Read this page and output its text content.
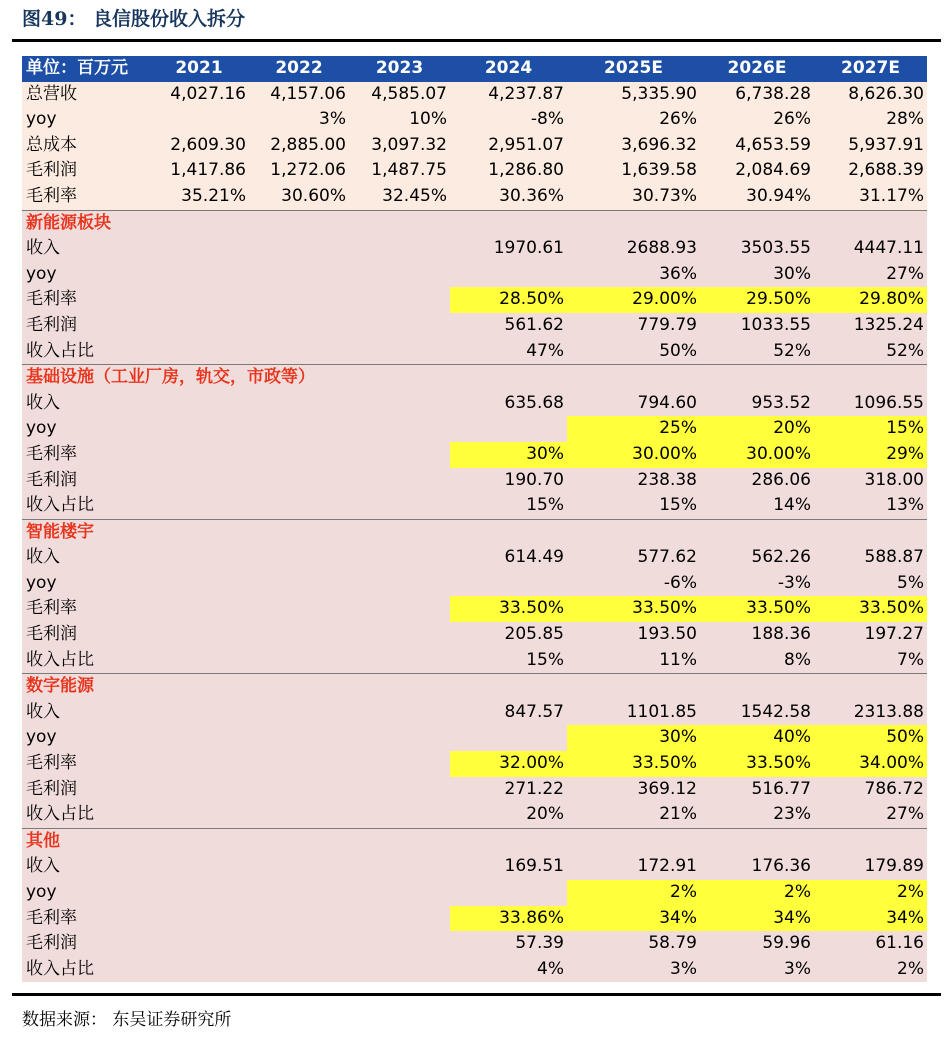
图49： 良信股份收入拆分
单位：百万元	2021	2022	2023	2024	2025E	2026E	2027E
总营收	4,027.16	4,157.06	4,585.07	4,237.87	5,335.90	6,738.28	8,626.30
yoy		3%	10%	-8%	26%	26%	28%
总成本	2,609.30	2,885.00	3,097.32	2,951.07	3,696.32	4,653.59	5,937.91
毛利润	1,417.86	1,272.06	1,487.75	1,286.80	1,639.58	2,084.69	2,688.39
毛利率	35.21%	30.60%	32.45%	30.36%	30.73%	30.94%	31.17%
新能源板块							
收入				1970.61	2688.93	3503.55	4447.11
yoy					36%	30%	27%
毛利率				28.50%	29.00%	29.50%	29.80%
毛利润				561.62	779.79	1033.55	1325.24
收入占比				47%	50%	52%	52%
基础设施（工业厂房，轨交，市政等）							
收入				635.68	794.60	953.52	1096.55
yoy					25%	20%	15%
毛利率				30%	30.00%	30.00%	29%
毛利润				190.70	238.38	286.06	318.00
收入占比				15%	15%	14%	13%
智能楼宇							
收入				614.49	577.62	562.26	588.87
yoy					-6%	-3%	5%
毛利率				33.50%	33.50%	33.50%	33.50%
毛利润				205.85	193.50	188.36	197.27
收入占比				15%	11%	8%	7%
数字能源							
收入				847.57	1101.85	1542.58	2313.88
yoy					30%	40%	50%
毛利率				32.00%	33.50%	33.50%	34.00%
毛利润				271.22	369.12	516.77	786.72
收入占比				20%	21%	23%	27%
其他							
收入				169.51	172.91	176.36	179.89
yoy					2%	2%	2%
毛利率				33.86%	34%	34%	34%
毛利润				57.39	58.79	59.96	61.16
收入占比				4%	3%	3%	2%
数据来源： 东吴证券研究所
